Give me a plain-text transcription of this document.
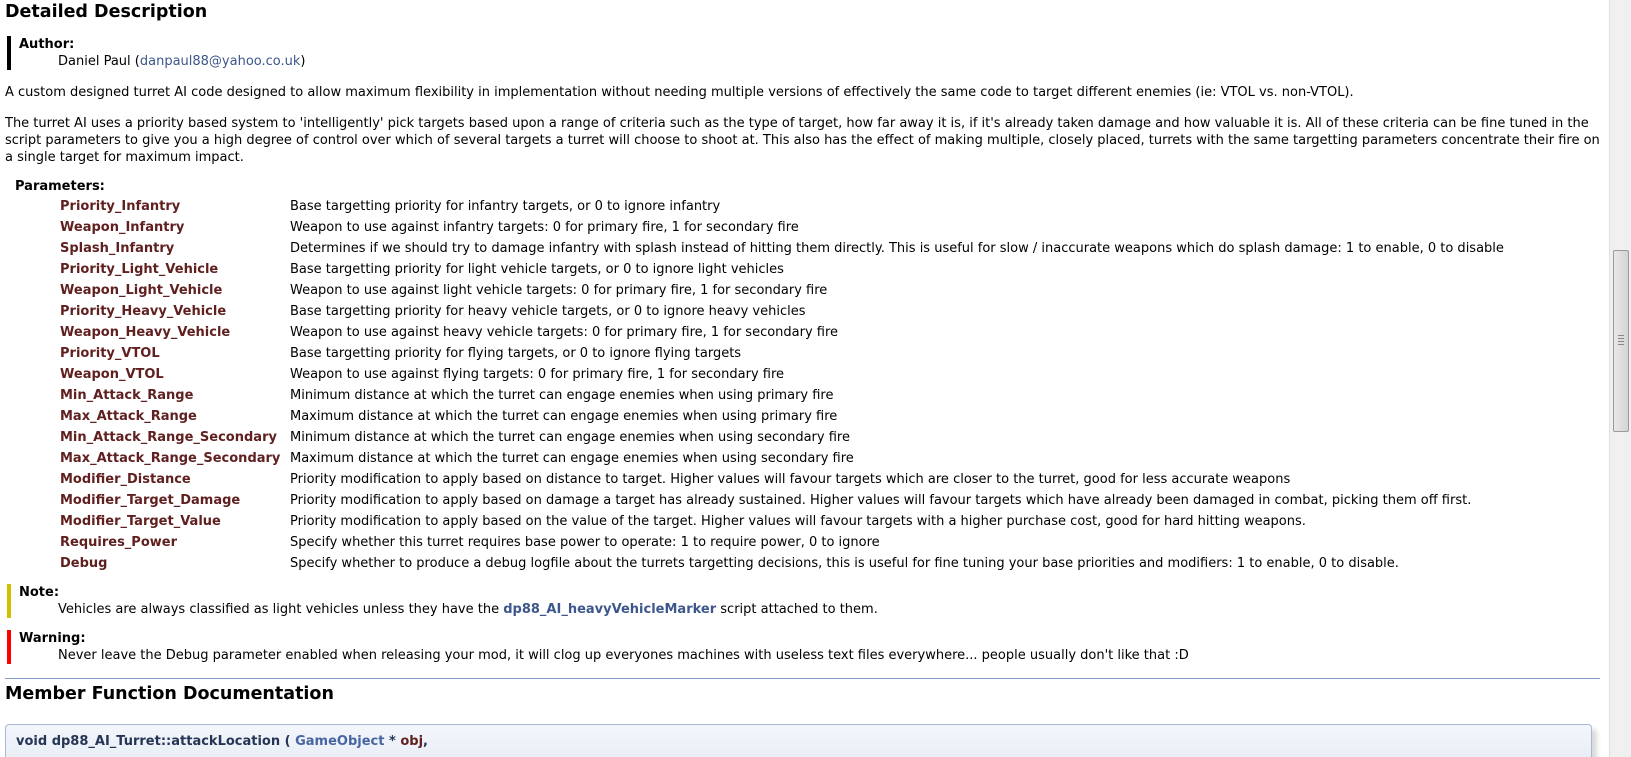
Detailed Description
Author:
Daniel Paul (danpaul88@yahoo.co.uk)

A custom designed turret AI code designed to allow maximum flexibility in implementation without needing multiple versions of effectively the same code to target different enemies (ie: VTOL vs. non-VTOL).

The turret AI uses a priority based system to 'intelligently' pick targets based upon a range of criteria such as the type of target, how far away it is, if it's already taken damage and how valuable it is. All of these criteria can be fine tuned in the script parameters to give you a high degree of control over which of several targets a turret will choose to shoot at. This also has the effect of making multiple, closely placed, turrets with the same targetting parameters concentrate their fire on a single target for maximum impact.

Parameters:
Priority_Infantry	Base targetting priority for infantry targets, or 0 to ignore infantry
Weapon_Infantry	Weapon to use against infantry targets: 0 for primary fire, 1 for secondary fire
Splash_Infantry	Determines if we should try to damage infantry with splash instead of hitting them directly. This is useful for slow / inaccurate weapons which do splash damage: 1 to enable, 0 to disable
Priority_Light_Vehicle	Base targetting priority for light vehicle targets, or 0 to ignore light vehicles
Weapon_Light_Vehicle	Weapon to use against light vehicle targets: 0 for primary fire, 1 for secondary fire
Priority_Heavy_Vehicle	Base targetting priority for heavy vehicle targets, or 0 to ignore heavy vehicles
Weapon_Heavy_Vehicle	Weapon to use against heavy vehicle targets: 0 for primary fire, 1 for secondary fire
Priority_VTOL	Base targetting priority for flying targets, or 0 to ignore flying targets
Weapon_VTOL	Weapon to use against flying targets: 0 for primary fire, 1 for secondary fire
Min_Attack_Range	Minimum distance at which the turret can engage enemies when using primary fire
Max_Attack_Range	Maximum distance at which the turret can engage enemies when using primary fire
Min_Attack_Range_Secondary	Minimum distance at which the turret can engage enemies when using secondary fire
Max_Attack_Range_Secondary	Maximum distance at which the turret can engage enemies when using secondary fire
Modifier_Distance	Priority modification to apply based on distance to target. Higher values will favour targets which are closer to the turret, good for less accurate weapons
Modifier_Target_Damage	Priority modification to apply based on damage a target has already sustained. Higher values will favour targets which have already been damaged in combat, picking them off first.
Modifier_Target_Value	Priority modification to apply based on the value of the target. Higher values will favour targets with a higher purchase cost, good for hard hitting weapons.
Requires_Power	Specify whether this turret requires base power to operate: 1 to require power, 0 to ignore
Debug	Specify whether to produce a debug logfile about the turrets targetting decisions, this is useful for fine tuning your base priorities and modifiers: 1 to enable, 0 to disable.
Note:
Vehicles are always classified as light vehicles unless they have the dp88_AI_heavyVehicleMarker script attached to them.
Warning:
Never leave the Debug parameter enabled when releasing your mod, it will clog up everyones machines with useless text files everywhere... people usually don't like that :D
Member Function Documentation
void dp88_AI_Turret::attackLocation ( GameObject * obj,
